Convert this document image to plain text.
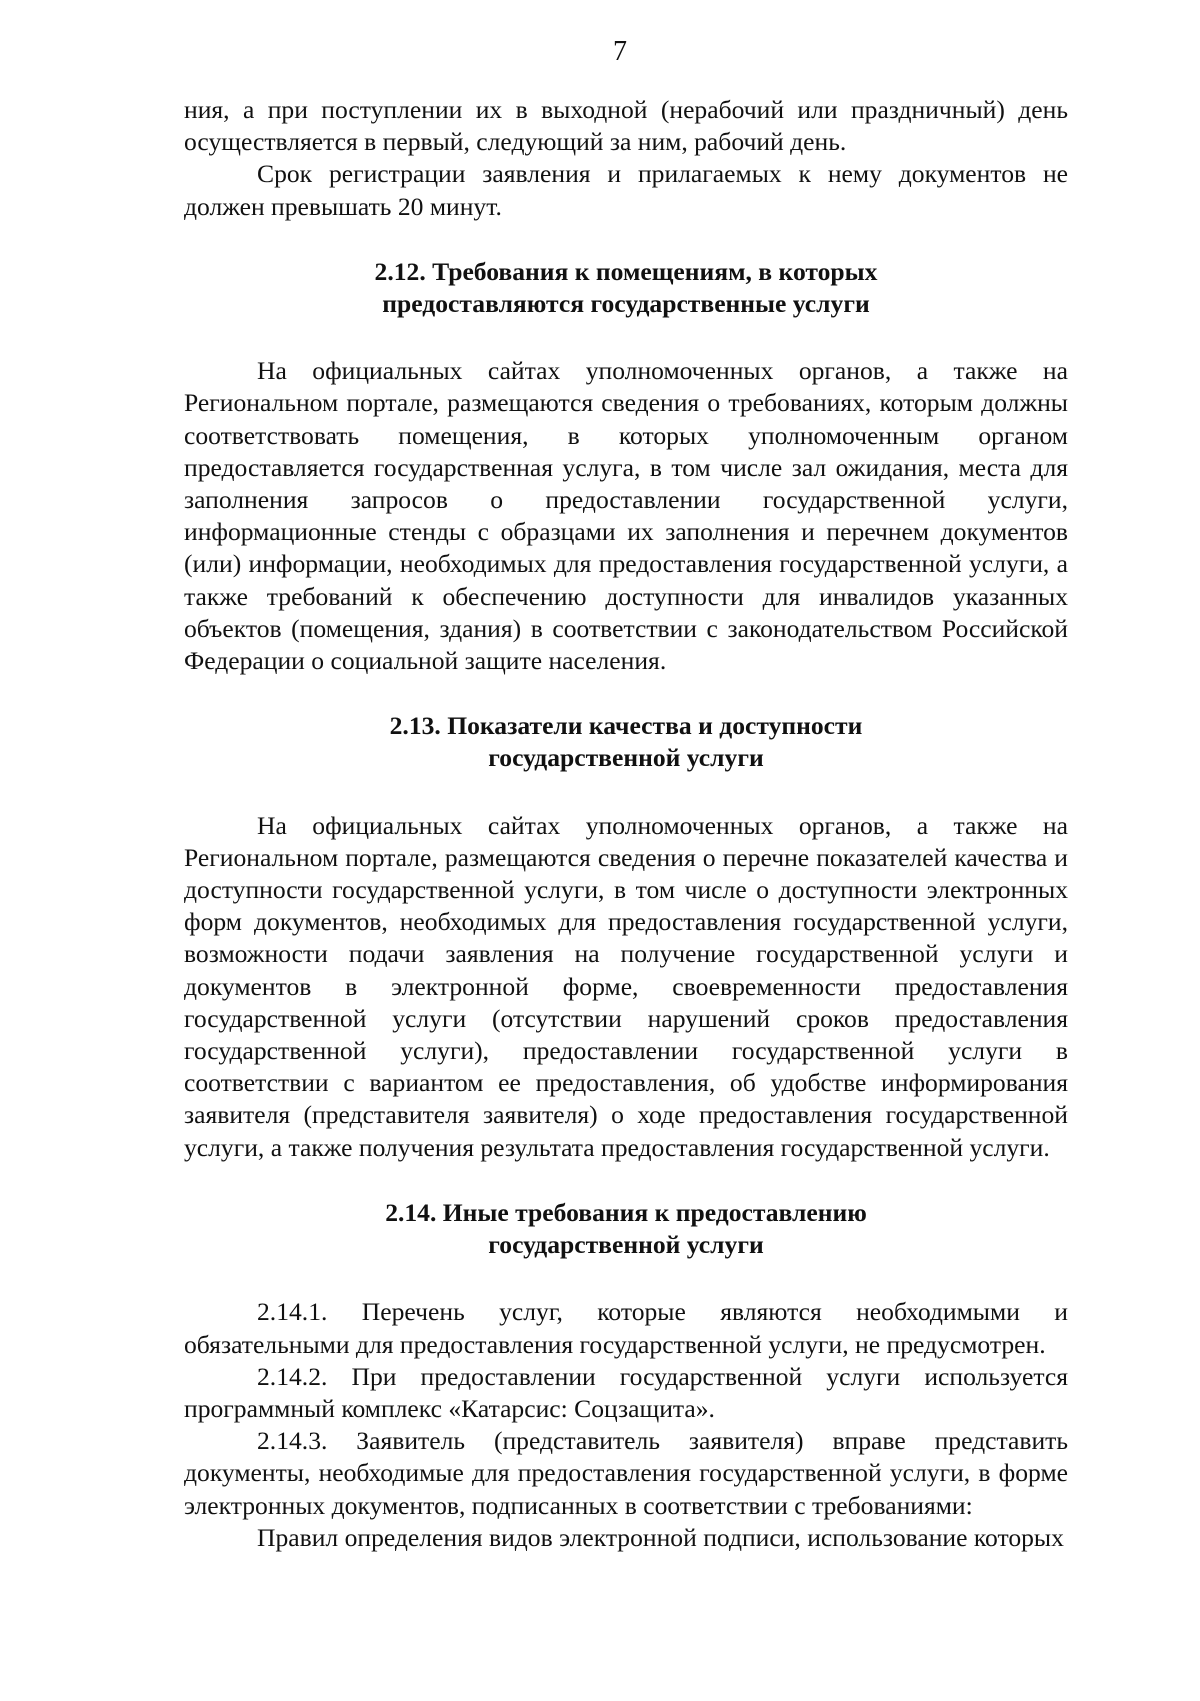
7

ния, а при поступлении их в выходной (нерабочий или праздничный) день осуществляется в первый, следующий за ним, рабочий день.

Срок регистрации заявления и прилагаемых к нему документов не должен превышать 20 минут.

2.12. Требования к помещениям, в которых
предоставляются государственные услуги

На официальных сайтах уполномоченных органов, а также на Региональном портале, размещаются сведения о требованиях, которым должны соответствовать помещения, в которых уполномоченным органом предоставляется государственная услуга, в том числе зал ожидания, места для заполнения запросов о предоставлении государственной услуги, информационные стенды с образцами их заполнения и перечнем документов (или) информации, необходимых для предоставления государственной услуги, а также требований к обеспечению доступности для инвалидов указанных объектов (помещения, здания) в соответствии с законодательством Российской Федерации о социальной защите населения.

2.13. Показатели качества и доступности
государственной услуги

На официальных сайтах уполномоченных органов, а также на Региональном портале, размещаются сведения о перечне показателей качества и доступности государственной услуги, в том числе о доступности электронных форм документов, необходимых для предоставления государственной услуги, возможности подачи заявления на получение государственной услуги и документов в электронной форме, своевременности предоставления государственной услуги (отсутствии нарушений сроков предоставления государственной услуги), предоставлении государственной услуги в соответствии с вариантом ее предоставления, об удобстве информирования заявителя (представителя заявителя) о ходе предоставления государственной услуги, а также получения результата предоставления государственной услуги.

2.14. Иные требования к предоставлению
государственной услуги

2.14.1. Перечень услуг, которые являются необходимыми и обязательными для предоставления государственной услуги, не предусмотрен.

2.14.2. При предоставлении государственной услуги используется программный комплекс «Катарсис: Соцзащита».

2.14.3. Заявитель (представитель заявителя) вправе представить документы, необходимые для предоставления государственной услуги, в форме электронных документов, подписанных в соответствии с требованиями:

Правил определения видов электронной подписи, использование которых
